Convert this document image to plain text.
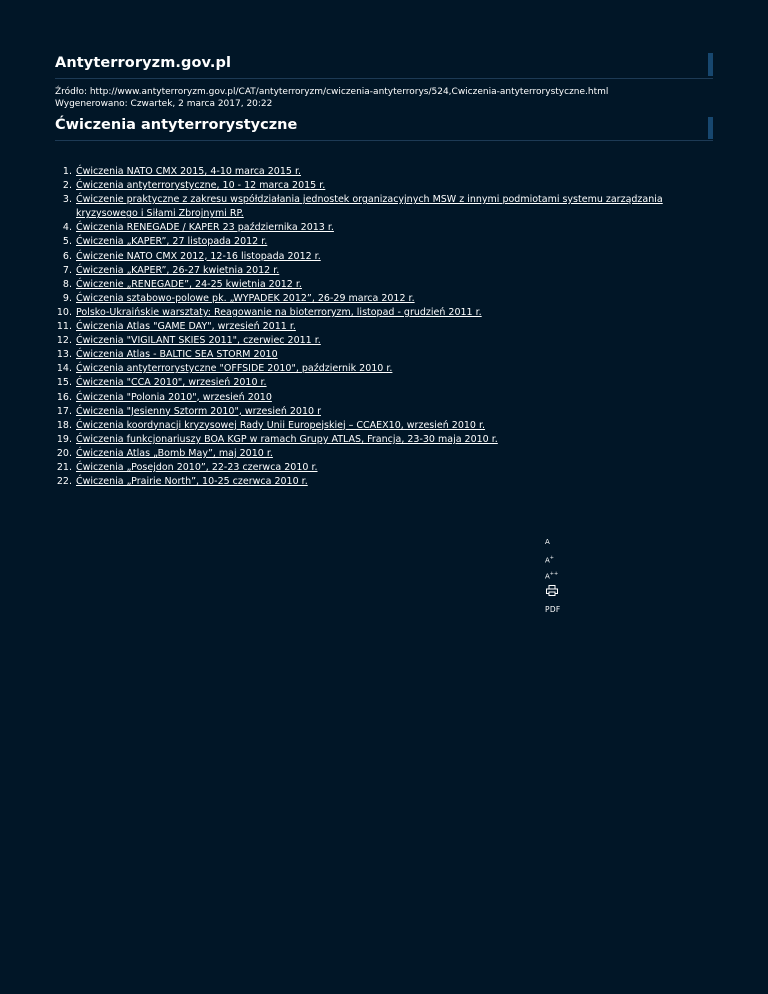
Antyterroryzm.gov.pl
Źródło: http://www.antyterroryzm.gov.pl/CAT/antyterroryzm/cwiczenia-antyterrorys/524,Cwiczenia-antyterrorystyczne.html
Wygenerowano: Czwartek, 2 marca 2017, 20:22
Ćwiczenia antyterrorystyczne
1. Ćwiczenia NATO CMX 2015, 4-10 marca 2015 r.
2. Ćwiczenia antyterrorystyczne, 10 - 12 marca 2015 r.
3. Ćwiczenie praktyczne z zakresu współdziałania jednostek organizacyjnych MSW z innymi podmiotami systemu zarządzania kryzysowego i Siłami Zbrojnymi RP.
4. Ćwiczenia RENEGADE / KAPER 23 października 2013 r.
5. Ćwiczenia „KAPER”, 27 listopada 2012 r.
6. Ćwiczenie NATO CMX 2012, 12-16 listopada 2012 r.
7. Ćwiczenia „KAPER”, 26-27 kwietnia 2012 r.
8. Ćwiczenie „RENEGADE”, 24-25 kwietnia 2012 r.
9. Ćwiczenia sztabowo-polowe pk. „WYPADEK 2012”, 26-29 marca 2012 r.
10. Polsko-Ukraińskie warsztaty: Reagowanie na bioterroryzm, listopad - grudzień 2011 r.
11. Ćwiczenia Atlas "GAME DAY", wrzesień 2011 r.
12. Ćwiczenia "VIGILANT SKIES 2011", czerwiec 2011 r.
13. Ćwiczenia Atlas - BALTIC SEA STORM 2010
14. Ćwiczenia antyterrorystyczne "OFFSIDE 2010", październik 2010 r.
15. Ćwiczenia "CCA 2010", wrzesień 2010 r.
16. Ćwiczenia "Polonia 2010", wrzesień 2010
17. Ćwiczenia "Jesienny Sztorm 2010", wrzesień 2010 r
18. Ćwiczenia koordynacji kryzysowej Rady Unii Europejskiej – CCAEX10, wrzesień 2010 r.
19. Ćwiczenia funkcjonariuszy BOA KGP w ramach Grupy ATLAS, Francja, 23-30 maja 2010 r.
20. Ćwiczenia Atlas „Bomb May”, maj 2010 r.
21. Ćwiczenia „Posejdon 2010”, 22-23 czerwca 2010 r.
22. Ćwiczenia „Prairie North”, 10-25 czerwca 2010 r.
A
A+
A++
PDF
